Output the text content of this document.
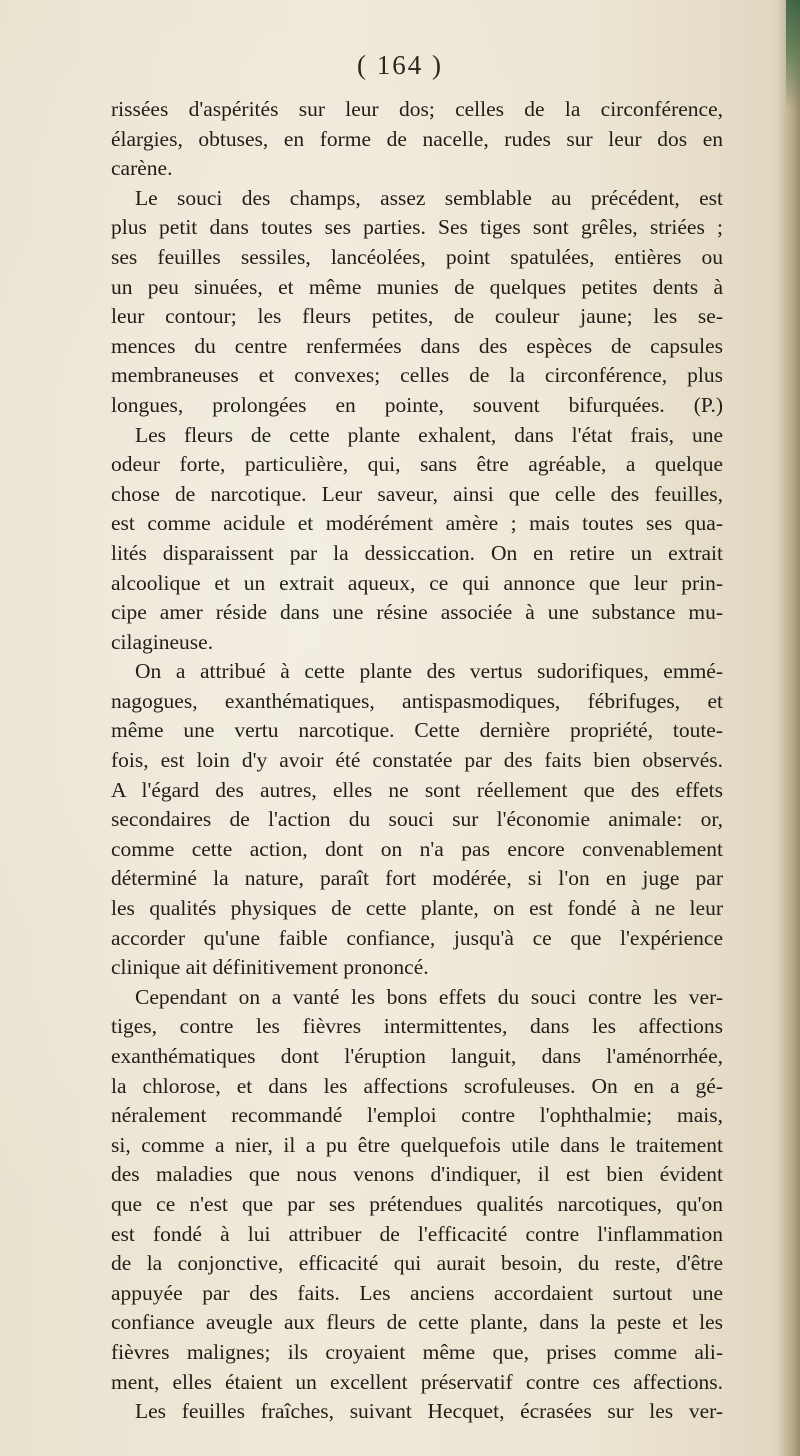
( 164 )
rissées d'aspérités sur leur dos; celles de la circonférence,
élargies, obtuses, en forme de nacelle, rudes sur leur dos en
carène.
Le souci des champs, assez semblable au précédent, est
plus petit dans toutes ses parties. Ses tiges sont grêles, striées ;
ses feuilles sessiles, lancéolées, point spatulées, entières ou
un peu sinuées, et même munies de quelques petites dents à
leur contour; les fleurs petites, de couleur jaune; les se-
mences du centre renfermées dans des espèces de capsules
membraneuses et convexes; celles de la circonférence, plus
longues, prolongées en pointe, souvent bifurquées. (P.)
Les fleurs de cette plante exhalent, dans l'état frais, une
odeur forte, particulière, qui, sans être agréable, a quelque
chose de narcotique. Leur saveur, ainsi que celle des feuilles,
est comme acidule et modérément amère ; mais toutes ses qua-
lités disparaissent par la dessiccation. On en retire un extrait
alcoolique et un extrait aqueux, ce qui annonce que leur prin-
cipe amer réside dans une résine associée à une substance mu-
cilagineuse.
On a attribué à cette plante des vertus sudorifiques, emmé-
nagogues, exanthématiques, antispasmodiques, fébrifuges, et
même une vertu narcotique. Cette dernière propriété, toute-
fois, est loin d'y avoir été constatée par des faits bien observés.
A l'égard des autres, elles ne sont réellement que des effets
secondaires de l'action du souci sur l'économie animale: or,
comme cette action, dont on n'a pas encore convenablement
déterminé la nature, paraît fort modérée, si l'on en juge par
les qualités physiques de cette plante, on est fondé à ne leur
accorder qu'une faible confiance, jusqu'à ce que l'expérience
clinique ait définitivement prononcé.
Cependant on a vanté les bons effets du souci contre les ver-
tiges, contre les fièvres intermittentes, dans les affections
exanthématiques dont l'éruption languit, dans l'aménorrhée,
la chlorose, et dans les affections scrofuleuses. On en a gé-
néralement recommandé l'emploi contre l'ophthalmie; mais,
si, comme a nier, il a pu être quelquefois utile dans le traitement
des maladies que nous venons d'indiquer, il est bien évident
que ce n'est que par ses prétendues qualités narcotiques, qu'on
est fondé à lui attribuer de l'efficacité contre l'inflammation
de la conjonctive, efficacité qui aurait besoin, du reste, d'être
appuyée par des faits. Les anciens accordaient surtout une
confiance aveugle aux fleurs de cette plante, dans la peste et les
fièvres malignes; ils croyaient même que, prises comme ali-
ment, elles étaient un excellent préservatif contre ces affections.
Les feuilles fraîches, suivant Hecquet, écrasées sur les ver-
